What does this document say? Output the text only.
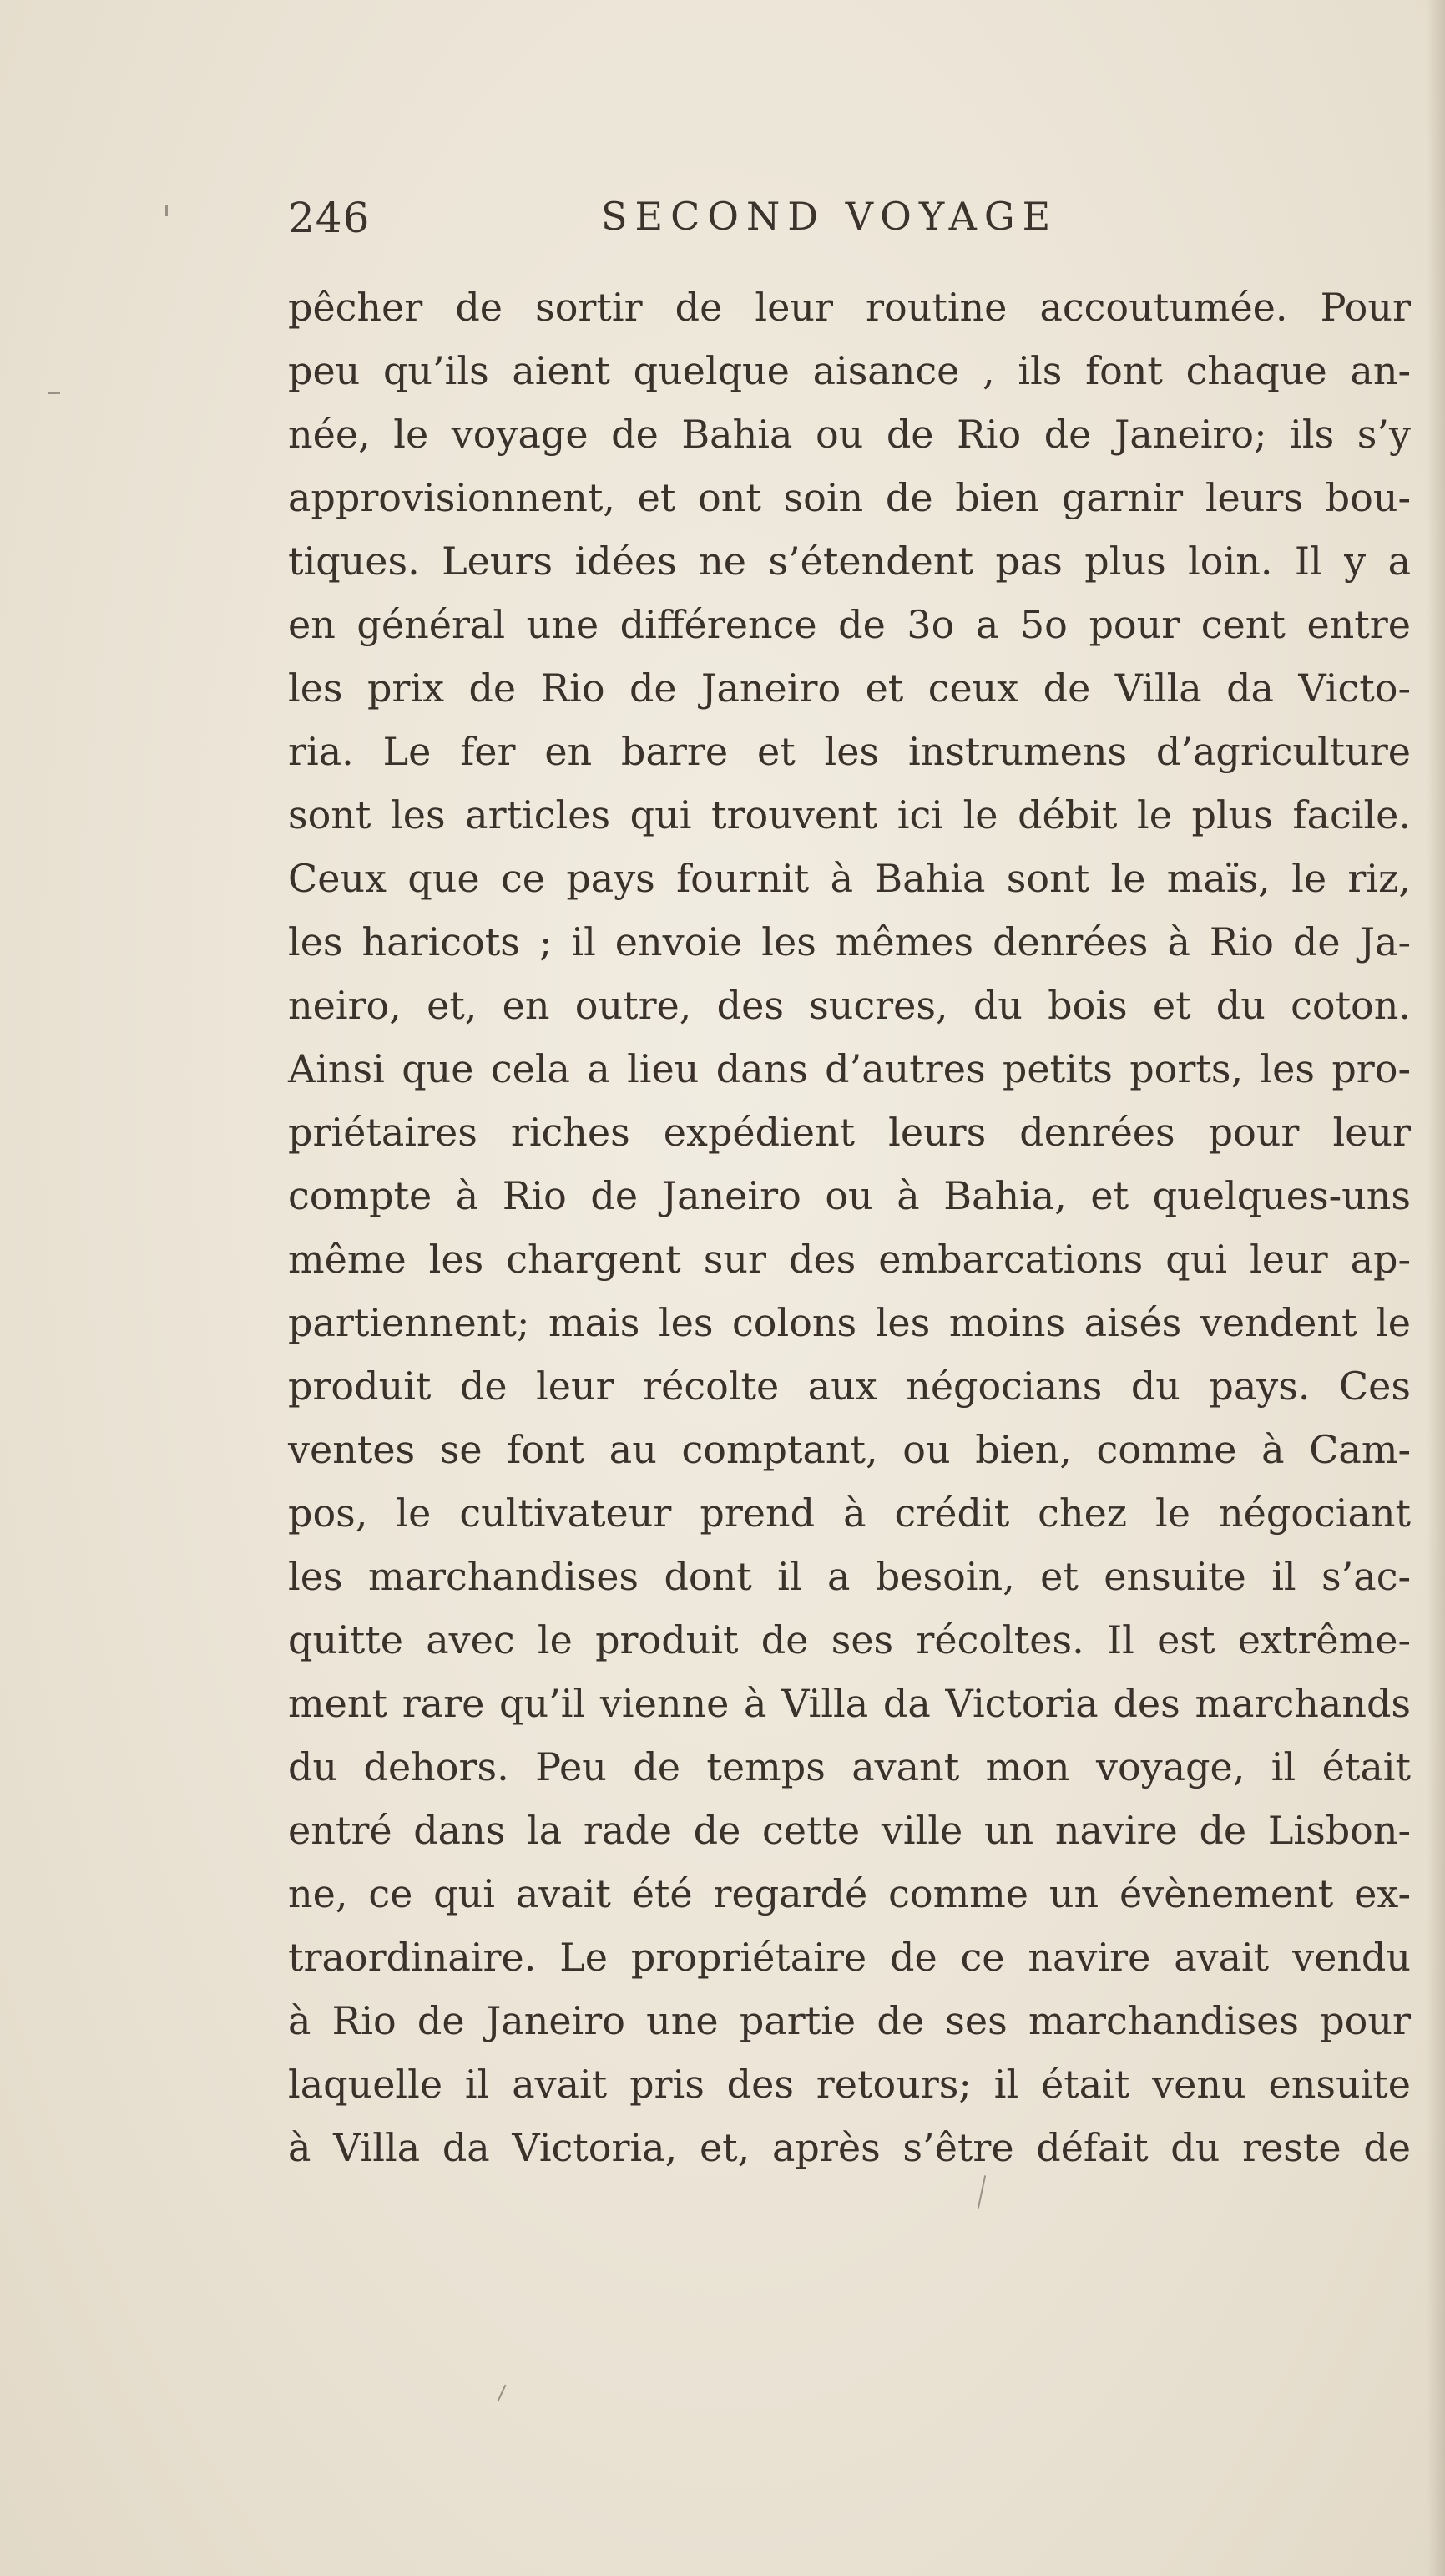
246	SECOND VOYAGE
pêcher de sortir de leur routine accoutumée. Pour
peu qu’ils aient quelque aisance , ils font chaque an-
née, le voyage de Bahia ou de Rio de Janeiro; ils s’y
approvisionnent, et ont soin de bien garnir leurs bou-
tiques. Leurs idées ne s’étendent pas plus loin. Il y a
en général une différence de 3o a 5o pour cent entre
les prix de Rio de Janeiro et ceux de Villa da Victo-
ria. Le fer en barre et les instrumens d’agriculture
sont les articles qui trouvent ici le débit le plus facile.
Ceux que ce pays fournit à Bahia sont le maïs, le riz,
les haricots ; il envoie les mêmes denrées à Rio de Ja-
neiro, et, en outre, des sucres, du bois et du coton.
Ainsi que cela a lieu dans d’autres petits ports, les pro-
priétaires riches expédient leurs denrées pour leur
compte à Rio de Janeiro ou à Bahia, et quelques-uns
même les chargent sur des embarcations qui leur ap-
partiennent; mais les colons les moins aisés vendent le
produit de leur récolte aux négocians du pays. Ces
ventes se font au comptant, ou bien, comme à Cam-
pos, le cultivateur prend à crédit chez le négociant
les marchandises dont il a besoin, et ensuite il s’ac-
quitte avec le produit de ses récoltes. Il est extrême-
ment rare qu’il vienne à Villa da Victoria des marchands
du dehors. Peu de temps avant mon voyage, il était
entré dans la rade de cette ville un navire de Lisbon-
ne, ce qui avait été regardé comme un évènement ex-
traordinaire. Le propriétaire de ce navire avait vendu
à Rio de Janeiro une partie de ses marchandises pour
laquelle il avait pris des retours; il était venu ensuite
à Villa da Victoria, et, après s’être défait du reste de
